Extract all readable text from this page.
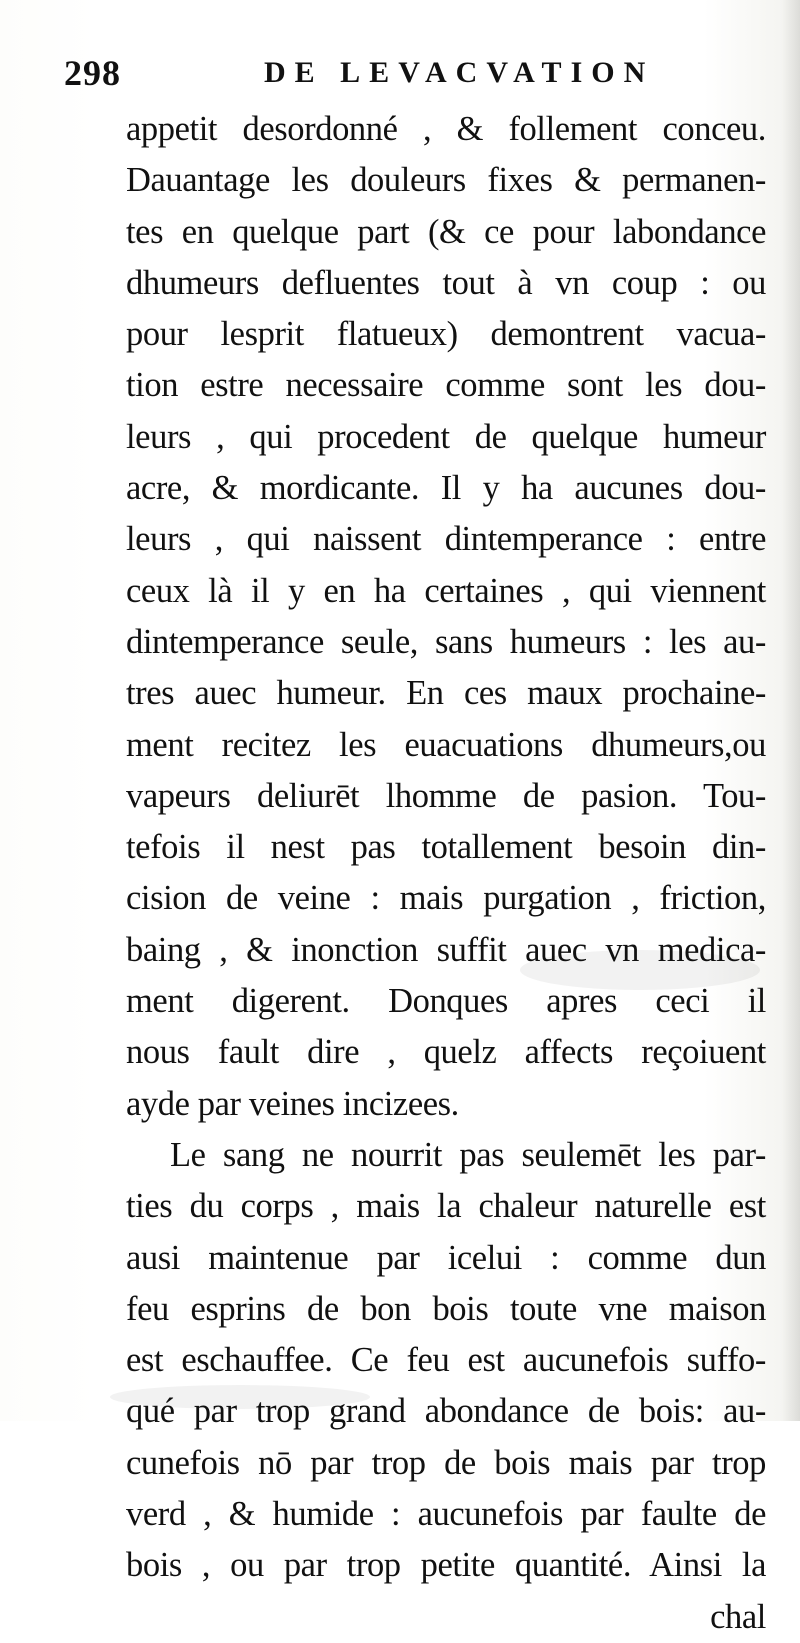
298	DE LEVACVATION
appetit desordonné , & follement conceu.
Dauantage les douleurs fixes & permanen-
tes en quelque part (& ce pour labondance
dhumeurs defluentes tout à vn coup : ou
pour lesprit flatueux) demontrent vacua-
tion estre necessaire comme sont les dou-
leurs , qui procedent de quelque humeur
acre, & mordicante. Il y ha aucunes dou-
leurs , qui naissent dintemperance : entre
ceux là il y en ha certaines , qui viennent
dintemperance seule, sans humeurs : les au-
tres auec humeur. En ces maux prochaine-
ment recitez les euacuations dhumeurs,ou
vapeurs deliurēt lhomme de pasion. Tou-
tefois il nest pas totallement besoin din-
cision de veine : mais purgation , friction,
baing , & inonction suffit auec vn medica-
ment digerent. Donques apres ceci il
nous fault dire , quelz affects reçoiuent
ayde par veines incizees.
Le sang ne nourrit pas seulemēt les par-
ties du corps , mais la chaleur naturelle est
ausi maintenue par icelui : comme dun
feu esprins de bon bois toute vne maison
est eschauffee. Ce feu est aucunefois suffo-
qué par trop grand abondance de bois: au-
cunefois nō par trop de bois mais par trop
verd , & humide : aucunefois par faulte de
bois , ou par trop petite quantité. Ainsi la
chal
